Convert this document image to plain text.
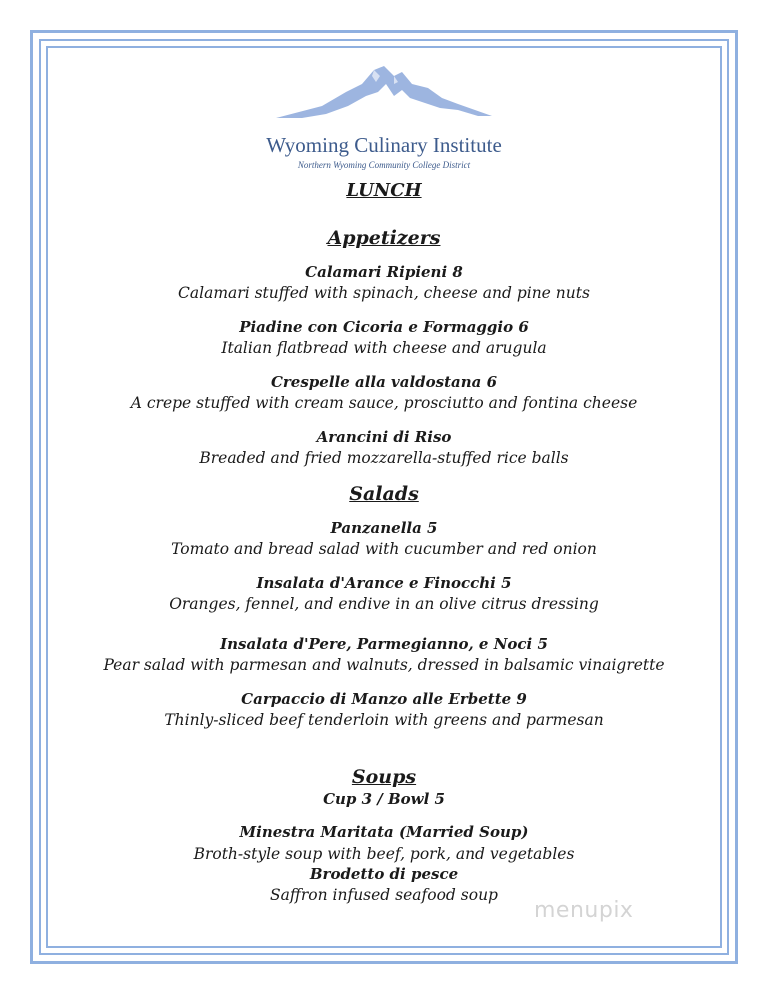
Wyoming Culinary Institute
Northern Wyoming Community College District
LUNCH
Appetizers
Calamari Ripieni 8
Calamari stuffed with spinach, cheese and pine nuts
Piadine con Cicoria e Formaggio 6
Italian flatbread with cheese and arugula
Crespelle alla valdostana 6
A crepe stuffed with cream sauce, prosciutto and fontina cheese
Arancini di Riso
Breaded and fried mozzarella-stuffed rice balls
Salads
Panzanella 5
Tomato and bread salad with cucumber and red onion
Insalata d'Arance e Finocchi 5
Oranges, fennel, and endive in an olive citrus dressing
Insalata d'Pere, Parmegianno, e Noci 5
Pear salad with parmesan and walnuts, dressed in balsamic vinaigrette
Carpaccio di Manzo alle Erbette 9
Thinly-sliced beef tenderloin with greens and parmesan
Soups
Cup 3 / Bowl 5
Minestra Maritata (Married Soup)
Broth-style soup with beef, pork, and vegetables
Brodetto di pesce
Saffron infused seafood soup
menupix
